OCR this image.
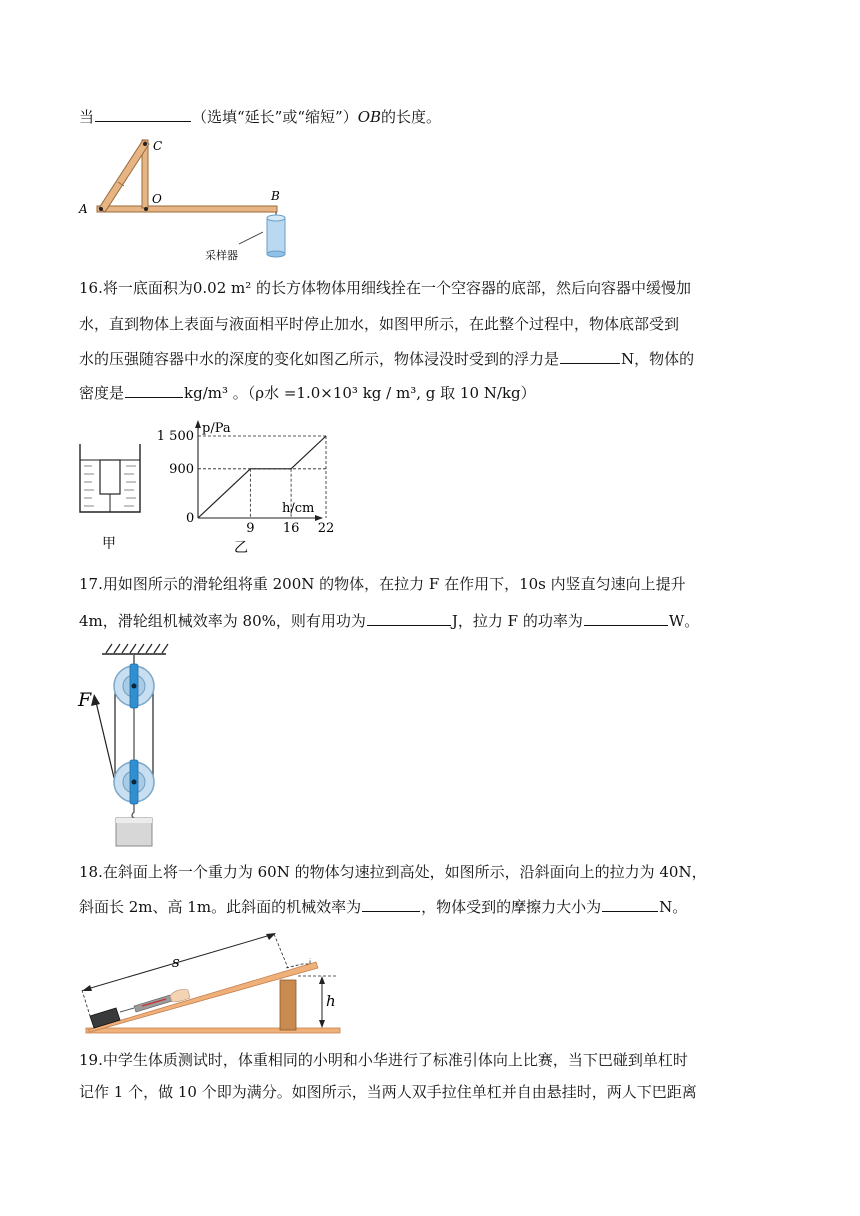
当	（选填“延长”或“缩短”）OB的长度。
A
C
O	B
采样器
16.将一底面积为0.02 m² 的长方体物体用细线拴在一个空容器的底部，然后向容器中缓慢加
水，直到物体上表面与液面相平时停止加水，如图甲所示，在此整个过程中，物体底部受到
水的压强随容器中水的深度的变化如图乙所示，物体浸没时受到的浮力是	N，物体的
密度是	kg/m³ 。（ρ水 =1.0×10³ kg / m³, g 取 10 N/kg）
甲
1 500
900
9 16 22
p/Pa
h/cm
0
乙
17.用如图所示的滑轮组将重 200N 的物体，在拉力 F 在作用下，10s 内竖直匀速向上提升
4m，滑轮组机械效率为 80%，则有用功为	J，拉力 F 的功率为	W。
F
18.在斜面上将一个重力为 60N 的物体匀速拉到高处，如图所示，沿斜面向上的拉力为 40N，
斜面长 2m、高 1m。此斜面的机械效率为	，物体受到的摩擦力大小为	N。
s
h
19.中学生体质测试时，体重相同的小明和小华进行了标准引体向上比赛，当下巴碰到单杠时
记作 1 个，做 10 个即为满分。如图所示，当两人双手拉住单杠并自由悬挂时，两人下巴距离
